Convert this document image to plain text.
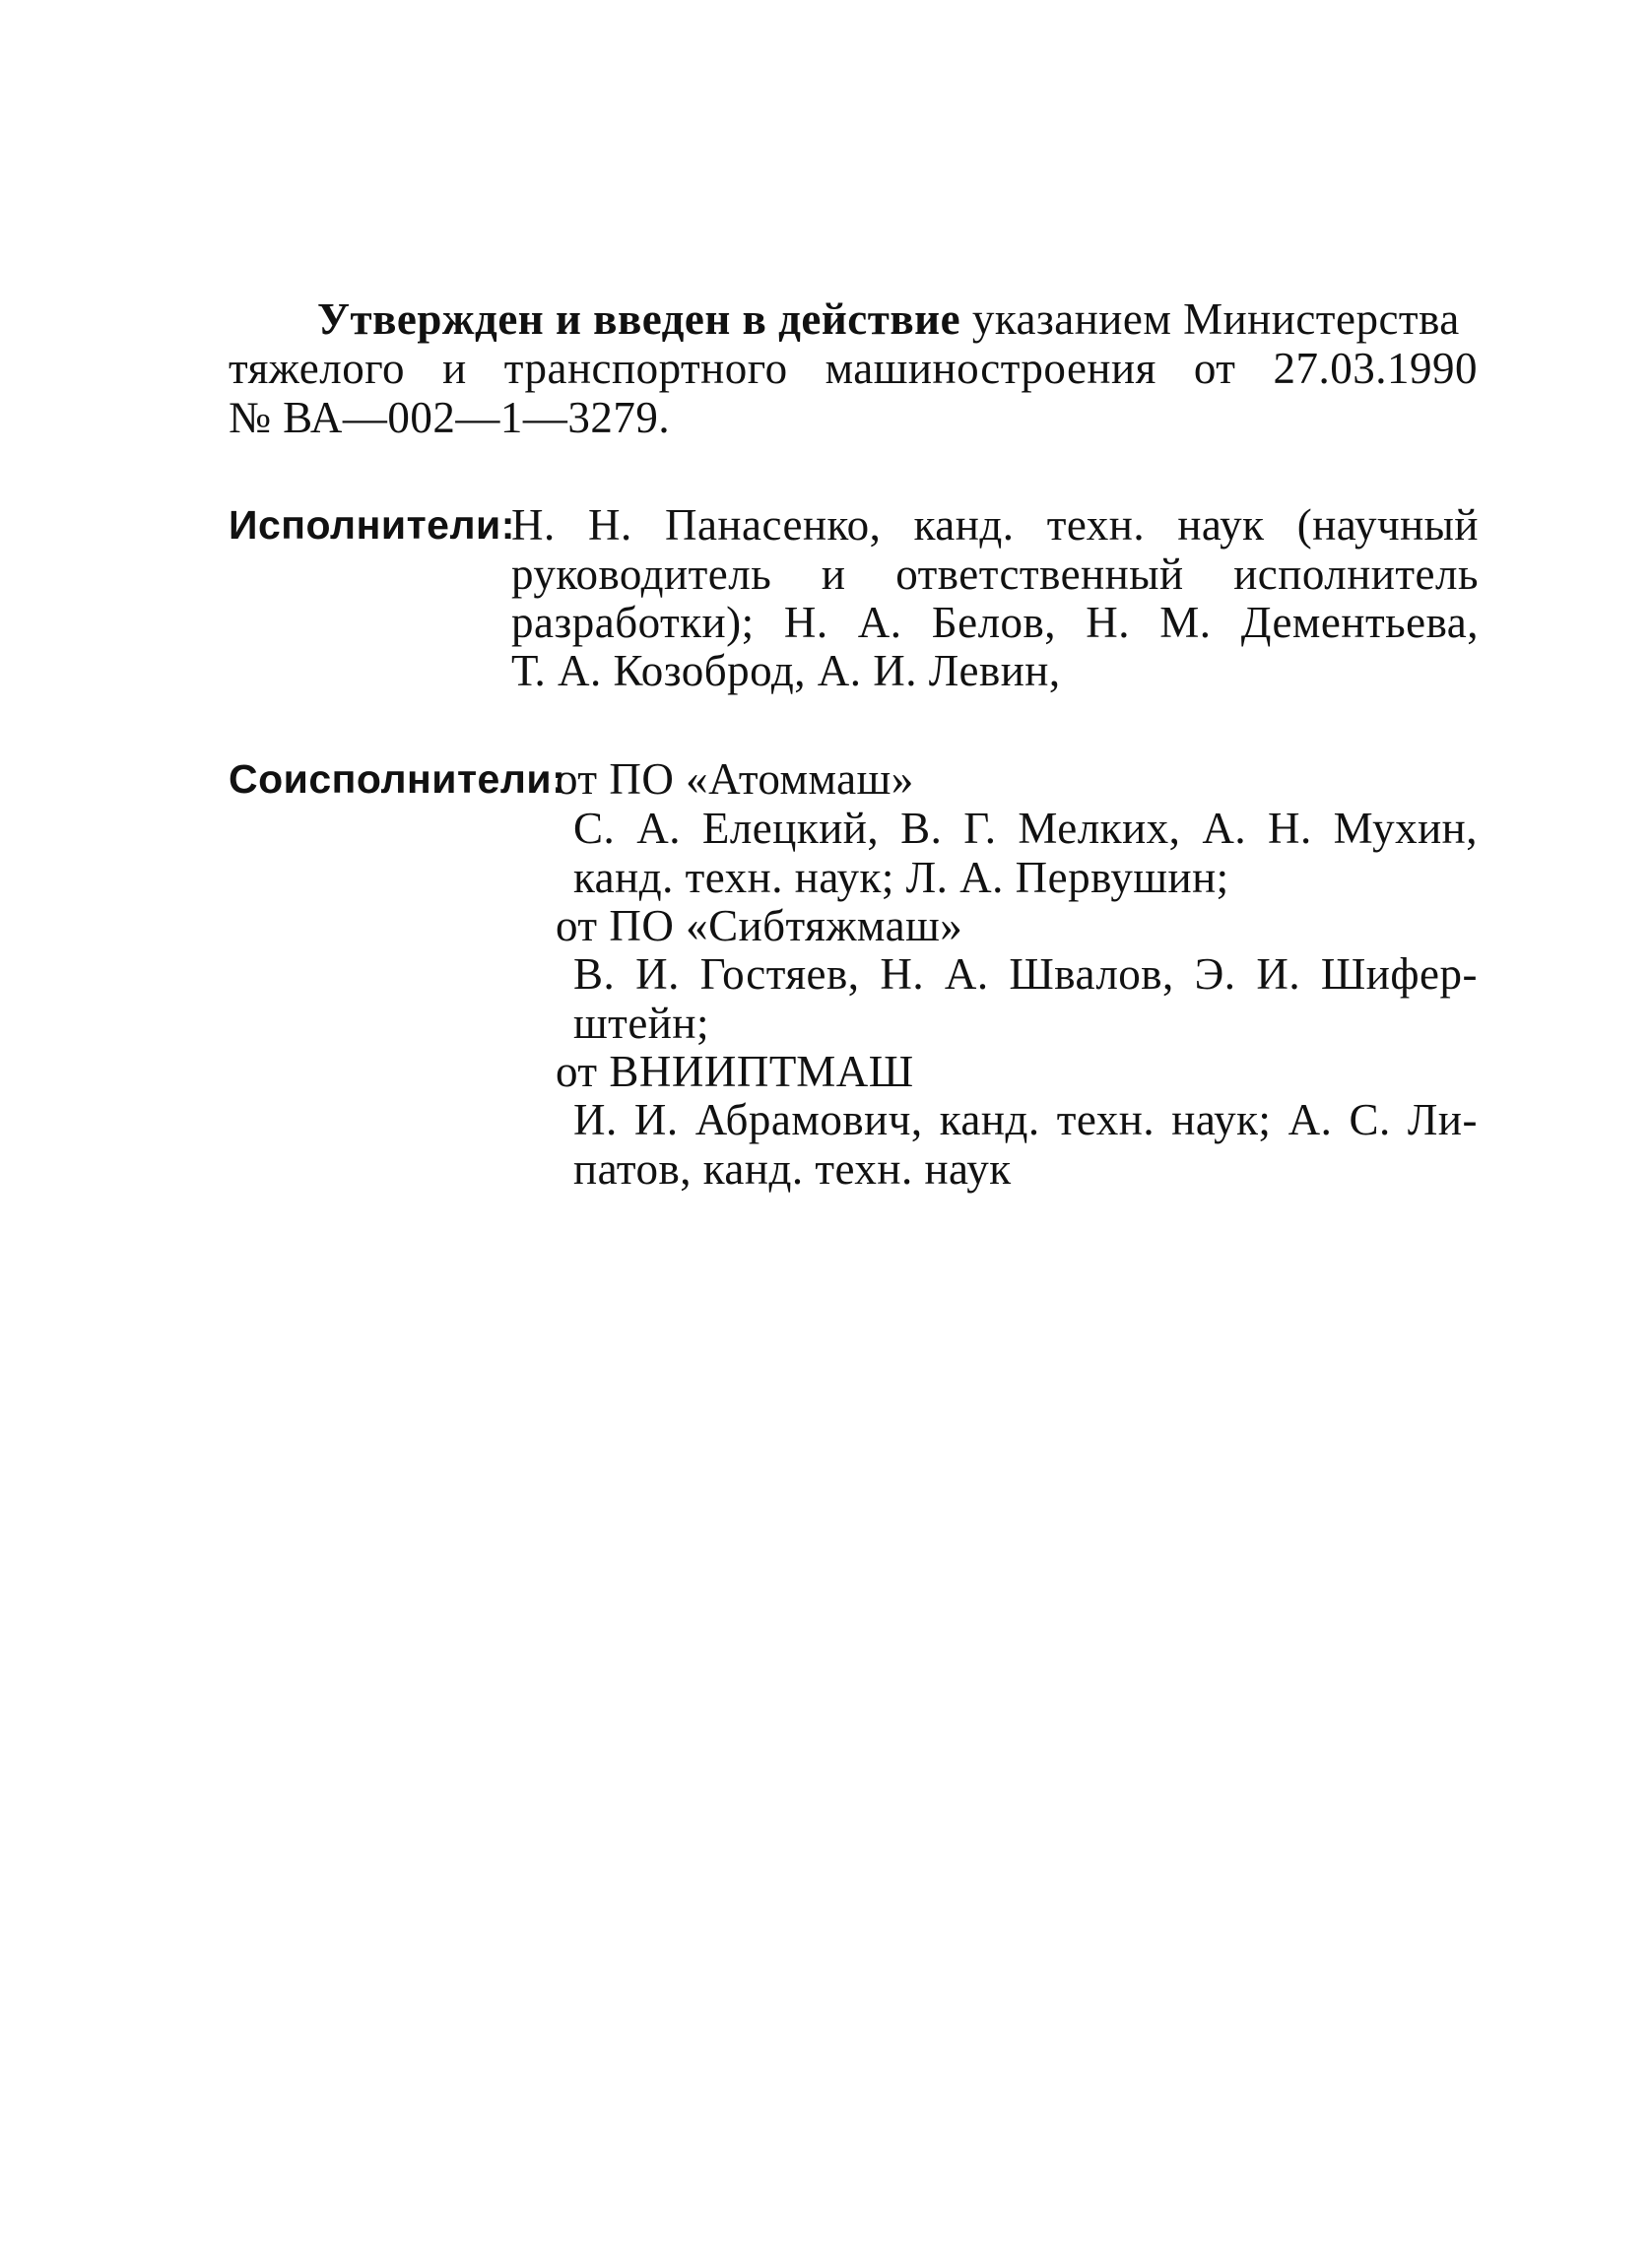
Утвержден и введен в действие указанием Министерства
тяжелого и транспортного машиностроения от 27.03.1990
№ ВА—002—1—3279.
Исполнители:
Н. Н. Панасенко, канд. техн. наук (научный
руководитель и ответственный исполнитель
разработки); Н. А. Белов, Н. М. Дементьева,
Т. А. Козоброд, А. И. Левин,
Соисполнители:
от ПО «Атоммаш»
С. А. Елецкий, В. Г. Мелких, А. Н. Мухин,
канд. техн. наук; Л. А. Первушин;
от ПО «Сибтяжмаш»
В. И. Гостяев, Н. А. Швалов, Э. И. Шифер-
штейн;
от ВНИИПТМАШ
И. И. Абрамович, канд. техн. наук; А. С. Ли-
патов, канд. техн. наук
